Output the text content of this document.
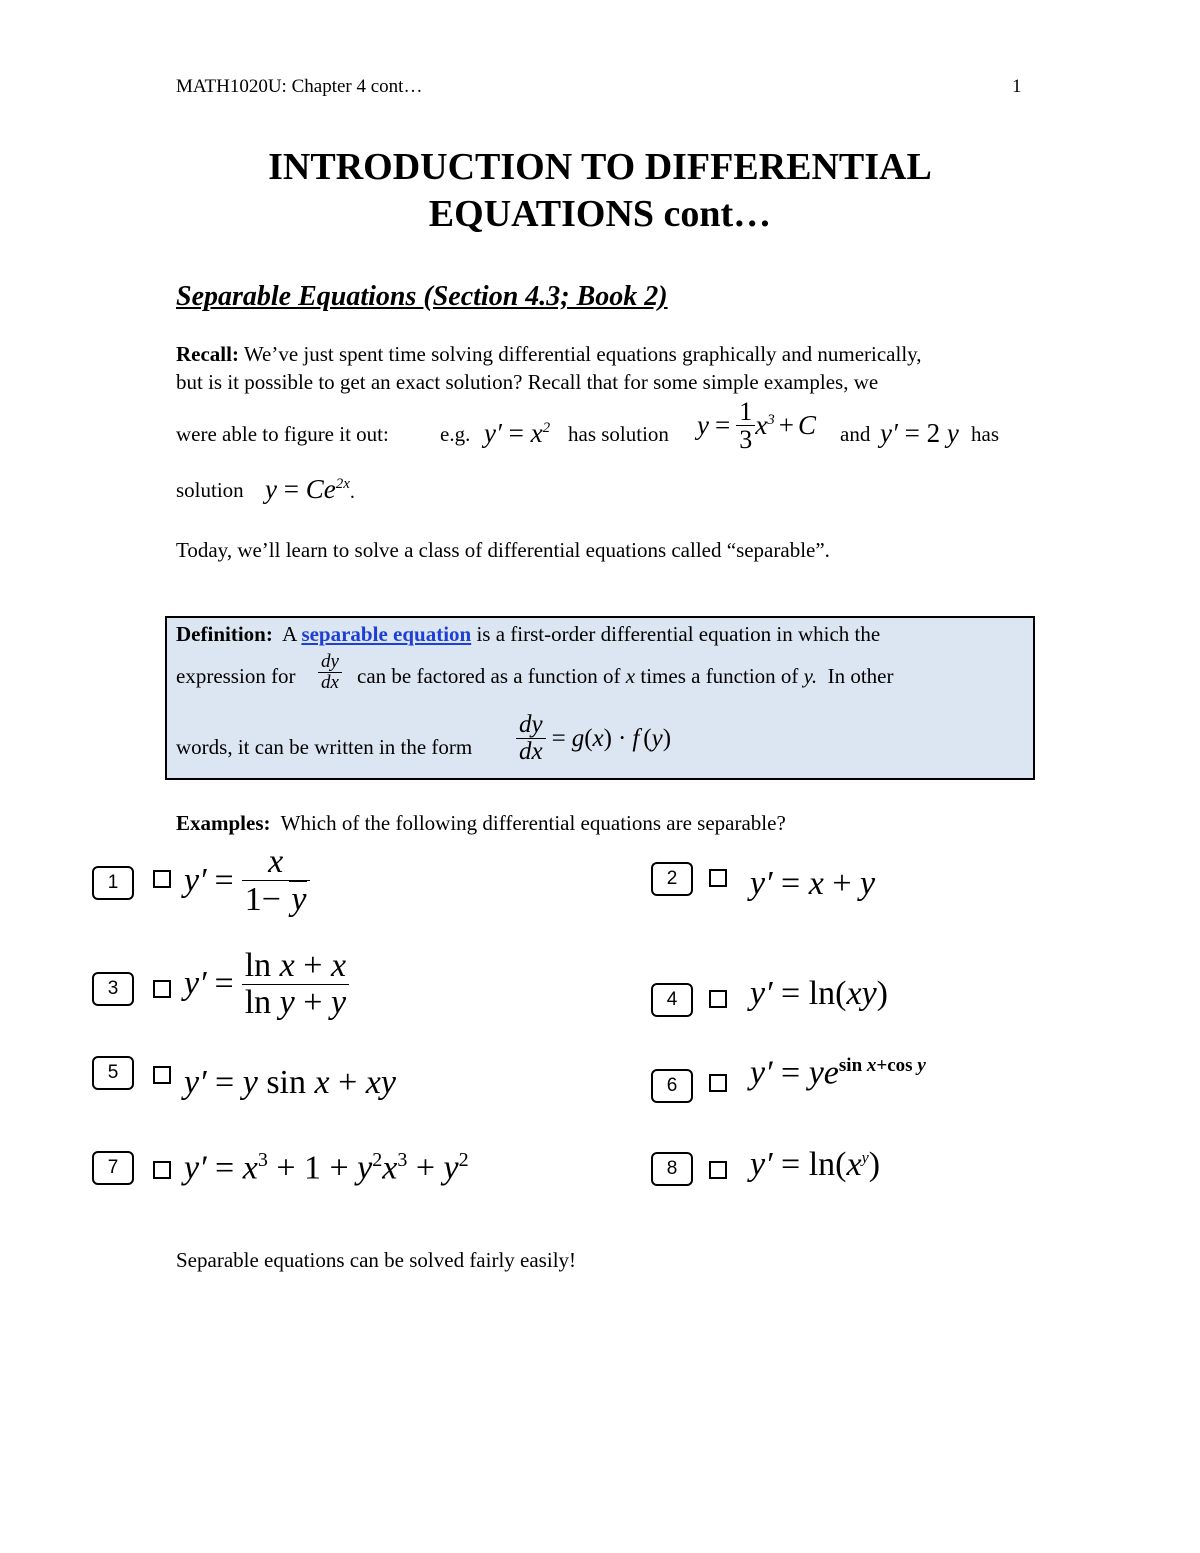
MATH1020U: Chapter 4 cont…	1
INTRODUCTION TO DIFFERENTIAL
EQUATIONS cont…
Separable Equations (Section 4.3; Book 2)
Recall: We’ve just spent time solving differential equations graphically and numerically,
but is it possible to get an exact solution? Recall that for some simple examples, we
were able to figure it out: e.g. $y' = x^2$ has solution $y = \frac{1}{3}$ x 3 + C and y′ = 2 y has
solution $y = Ce^{2x}$.
Today, we’ll learn to solve a class of differential equations called “separable”.
Definition: A separable equation is a first-order differential equation in which the
expression for $\frac{dy}{dx}$ can be factored as a function of x times a function of y. In other
words, it can be written in the form $\frac{dy}{dx} = g$ ( x ) · f ( y )
Examples: Which of the following differential equations are separable?
1	$y' = \frac{x}{1- y}$	2	y′ = x + y
3	$y' = \frac{\text{ln x + x}}{\text{ln y + y}}$	4	y′ = ln(xy)
5	y′ = y sin x + xy	6	$y' = ye^{sin x+cos y}$
7	$y' = x^3 + 1 + y^2x^3 + y^2$	8	$y' = \ln(x^y)$
Separable equations can be solved fairly easily!
